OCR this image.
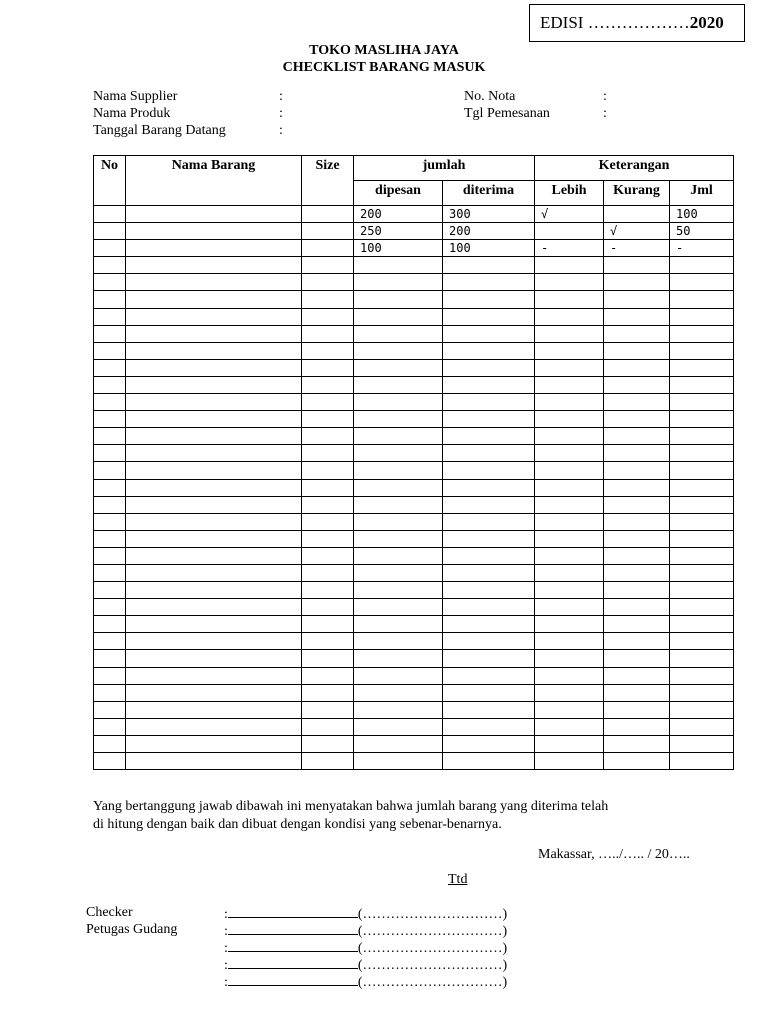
EDISI ………………2020
TOKO MASLIHA JAYA
CHECKLIST BARANG MASUK
Nama Supplier	:
Nama Produk	:
Tanggal Barang Datang	:
No. Nota	:
Tgl Pemesanan	:
No	Nama Barang	Size	jumlah		Keterangan		
			dipesan	diterima	Lebih	Kurang	Jml
			200	300	√		100
			250	200		√	50
			100	100	-	-	-

Yang bertanggung jawab dibawah ini menyatakan bahwa jumlah barang yang diterima telah
di hitung dengan baik dan dibuat dengan kondisi yang sebenar-benarnya.
Makassar, …../….. / 20…..
Ttd
Checker	:	(…………………………)
Petugas Gudang	:	(…………………………)
:	(…………………………)
:	(…………………………)
:	(…………………………)
